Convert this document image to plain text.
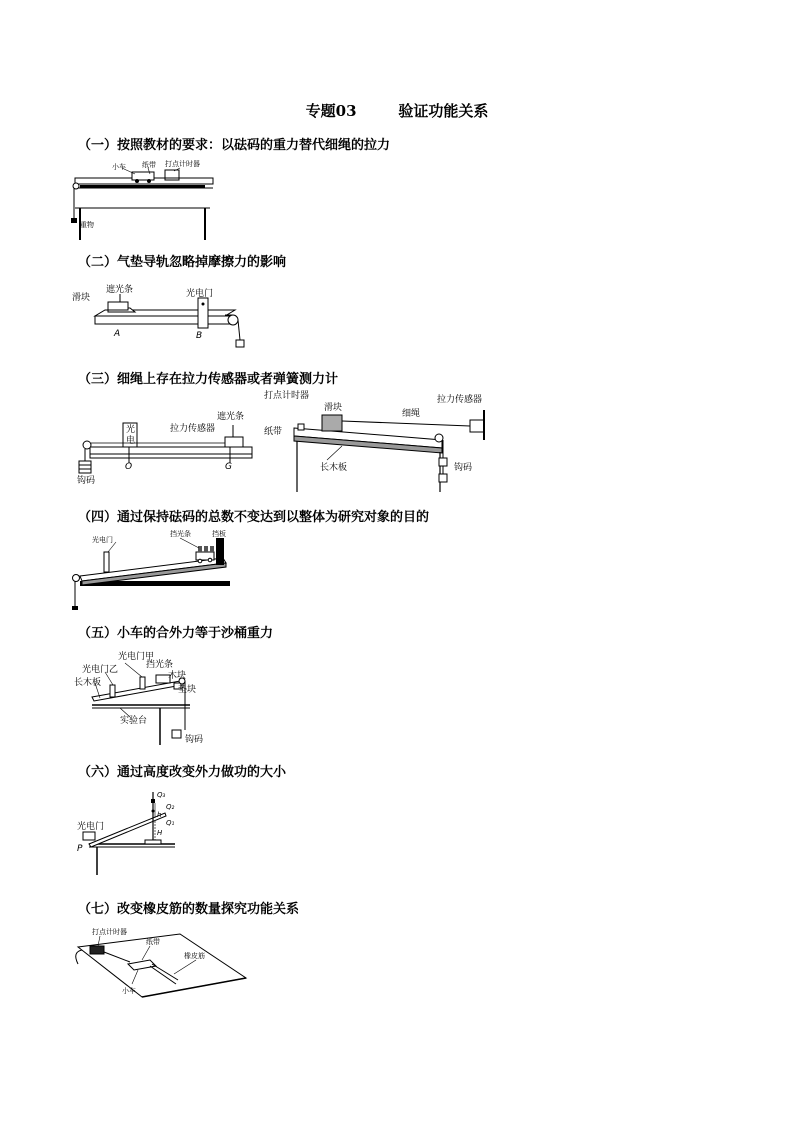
专题03        验证功能关系
（一）按照教材的要求：以砝码的重力替代细绳的拉力
小车 纸带 打点计时器
重物
（二）气垫导轨忽略掉摩擦力的影响
滑块
遮光条	光电门
A	B
（三）细绳上存在拉力传感器或者弹簧测力计
光
电
遮光条
拉力传感器
钩码
O	G
打点计时器
滑块
细绳
拉力传感器
纸带
长木板	钩码
（四）通过保持砝码的总数不变达到以整体为研究对象的目的
光电门
挡光条	挡板
（五）小车的合外力等于沙桶重力
光电门甲
光电门乙
长木板
挡光条
木块
垫块
实验台
钩码
（六）通过高度改变外力做功的大小
光电门
P
Q₃
Q₂
Q₁
h
H
（七）改变橡皮筋的数量探究功能关系
打点计时器
纸带
橡皮筋
小车
